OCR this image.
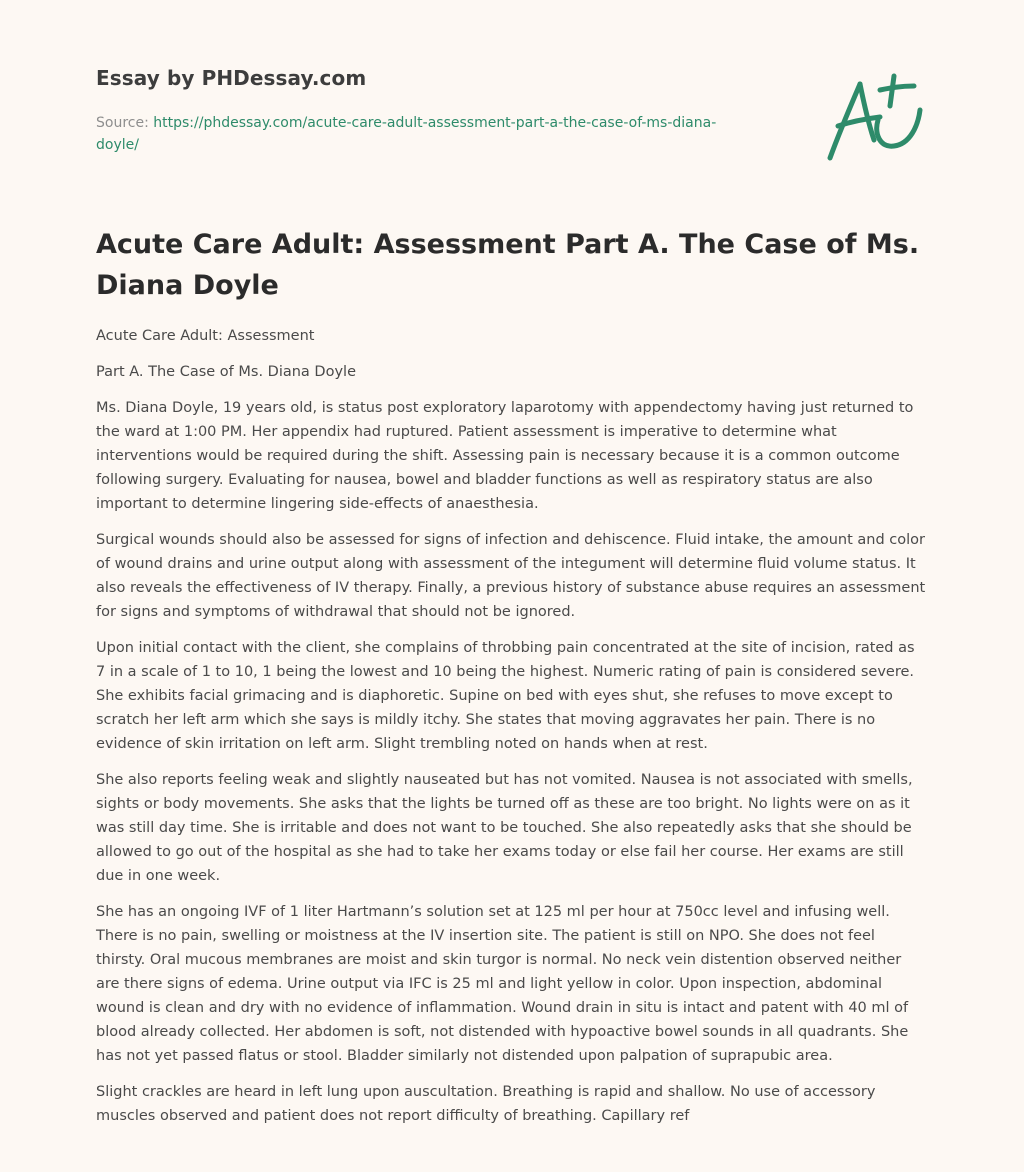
Essay by PHDessay.com
Source: https://phdessay.com/acute-care-adult-assessment-part-a-the-case-of-ms-diana-doyle/
Acute Care Adult: Assessment Part A. The Case of Ms. Diana Doyle

Acute Care Adult: Assessment

Part A. The Case of Ms. Diana Doyle

Ms. Diana Doyle, 19 years old, is status post exploratory laparotomy with appendectomy having just returned to the ward at 1:00 PM. Her appendix had ruptured. Patient assessment is imperative to determine what interventions would be required during the shift. Assessing pain is necessary because it is a common outcome following surgery. Evaluating for nausea, bowel and bladder functions as well as respiratory status are also important to determine lingering side-effects of anaesthesia.

Surgical wounds should also be assessed for signs of infection and dehiscence. Fluid intake, the amount and color of wound drains and urine output along with assessment of the integument will determine fluid volume status. It also reveals the effectiveness of IV therapy. Finally, a previous history of substance abuse requires an assessment for signs and symptoms of withdrawal that should not be ignored.

Upon initial contact with the client, she complains of throbbing pain concentrated at the site of incision, rated as 7 in a scale of 1 to 10, 1 being the lowest and 10 being the highest. Numeric rating of pain is considered severe. She exhibits facial grimacing and is diaphoretic. Supine on bed with eyes shut, she refuses to move except to scratch her left arm which she says is mildly itchy. She states that moving aggravates her pain. There is no evidence of skin irritation on left arm. Slight trembling noted on hands when at rest.

She also reports feeling weak and slightly nauseated but has not vomited. Nausea is not associated with smells, sights or body movements. She asks that the lights be turned off as these are too bright. No lights were on as it was still day time. She is irritable and does not want to be touched. She also repeatedly asks that she should be allowed to go out of the hospital as she had to take her exams today or else fail her course. Her exams are still due in one week.

She has an ongoing IVF of 1 liter Hartmann’s solution set at 125 ml per hour at 750cc level and infusing well. There is no pain, swelling or moistness at the IV insertion site. The patient is still on NPO. She does not feel thirsty. Oral mucous membranes are moist and skin turgor is normal. No neck vein distention observed neither are there signs of edema. Urine output via IFC is 25 ml and light yellow in color. Upon inspection, abdominal wound is clean and dry with no evidence of inflammation. Wound drain in situ is intact and patent with 40 ml of blood already collected. Her abdomen is soft, not distended with hypoactive bowel sounds in all quadrants. She has not yet passed flatus or stool. Bladder similarly not distended upon palpation of suprapubic area.

Slight crackles are heard in left lung upon auscultation. Breathing is rapid and shallow. No use of accessory muscles observed and patient does not report difficulty of breathing. Capillary ref
